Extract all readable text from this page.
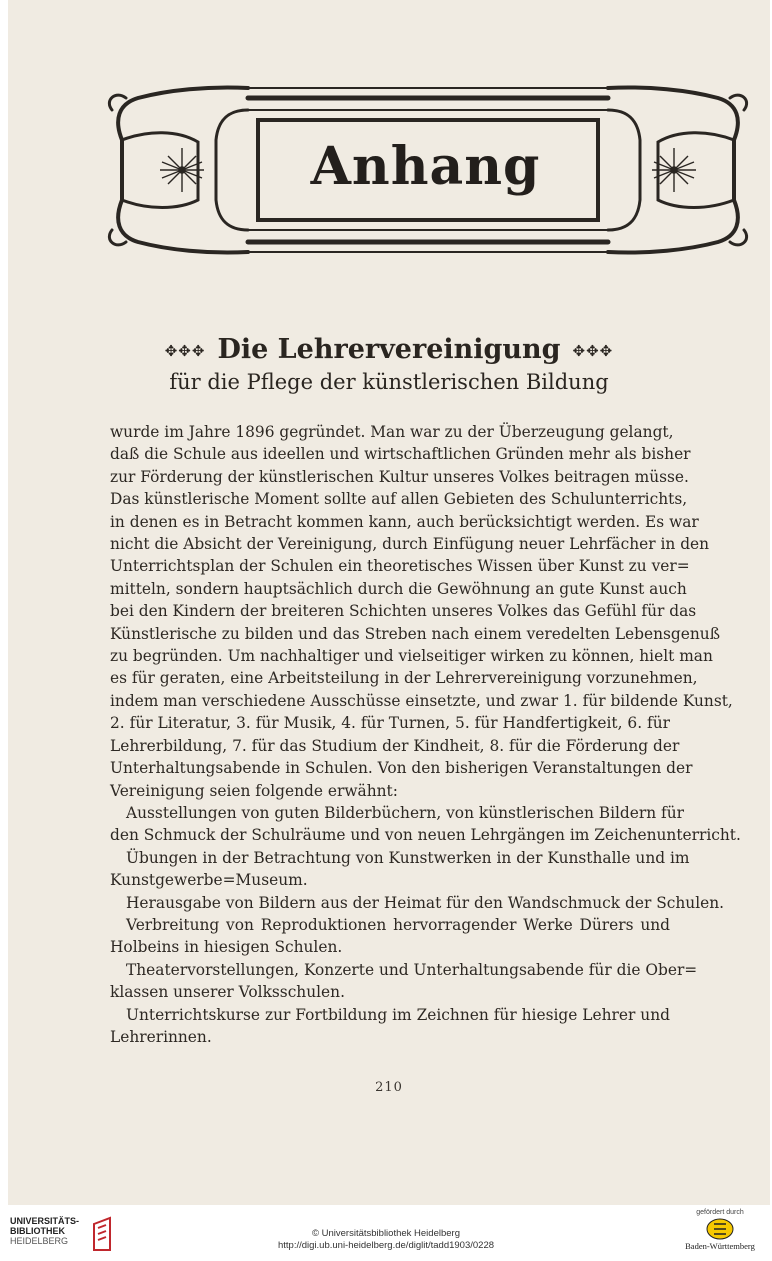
Anhang
✥✥✥ Die Lehrervereinigung ✥✥✥
für die Pflege der künstlerischen Bildung
wurde im Jahre 1896 gegründet. Man war zu der Überzeugung gelangt,
daß die Schule aus ideellen und wirtschaftlichen Gründen mehr als bisher
zur Förderung der künstlerischen Kultur unseres Volkes beitragen müsse.
Das künstlerische Moment sollte auf allen Gebieten des Schulunterrichts,
in denen es in Betracht kommen kann, auch berücksichtigt werden. Es war
nicht die Absicht der Vereinigung, durch Einfügung neuer Lehrfächer in den
Unterrichtsplan der Schulen ein theoretisches Wissen über Kunst zu ver=
mitteln, sondern hauptsächlich durch die Gewöhnung an gute Kunst auch
bei den Kindern der breiteren Schichten unseres Volkes das Gefühl für das
Künstlerische zu bilden und das Streben nach einem veredelten Lebensgenuß
zu begründen. Um nachhaltiger und vielseitiger wirken zu können, hielt man
es für geraten, eine Arbeitsteilung in der Lehrervereinigung vorzunehmen,
indem man verschiedene Ausschüsse einsetzte, und zwar 1. für bildende Kunst,
2. für Literatur, 3. für Musik, 4. für Turnen, 5. für Handfertigkeit, 6. für
Lehrerbildung, 7. für das Studium der Kindheit, 8. für die Förderung der
Unterhaltungsabende in Schulen. Von den bisherigen Veranstaltungen der
Vereinigung seien folgende erwähnt:
Ausstellungen von guten Bilderbüchern, von künstlerischen Bildern für
den Schmuck der Schulräume und von neuen Lehrgängen im Zeichenunterricht.
Übungen in der Betrachtung von Kunstwerken in der Kunsthalle und im
Kunstgewerbe=Museum.
Herausgabe von Bildern aus der Heimat für den Wandschmuck der Schulen.
Verbreitung von Reproduktionen hervorragender Werke Dürers und
Holbeins in hiesigen Schulen.
Theatervorstellungen, Konzerte und Unterhaltungsabende für die Ober=
klassen unserer Volksschulen.
Unterrichtskurse zur Fortbildung im Zeichnen für hiesige Lehrer und
Lehrerinnen.
210
UNIVERSITÄTS-
BIBLIOTHEK
HEIDELBERG
© Universitätsbibliothek Heidelberg
http://digi.ub.uni-heidelberg.de/diglit/tadd1903/0228
gefördert durch
Baden-Württemberg
